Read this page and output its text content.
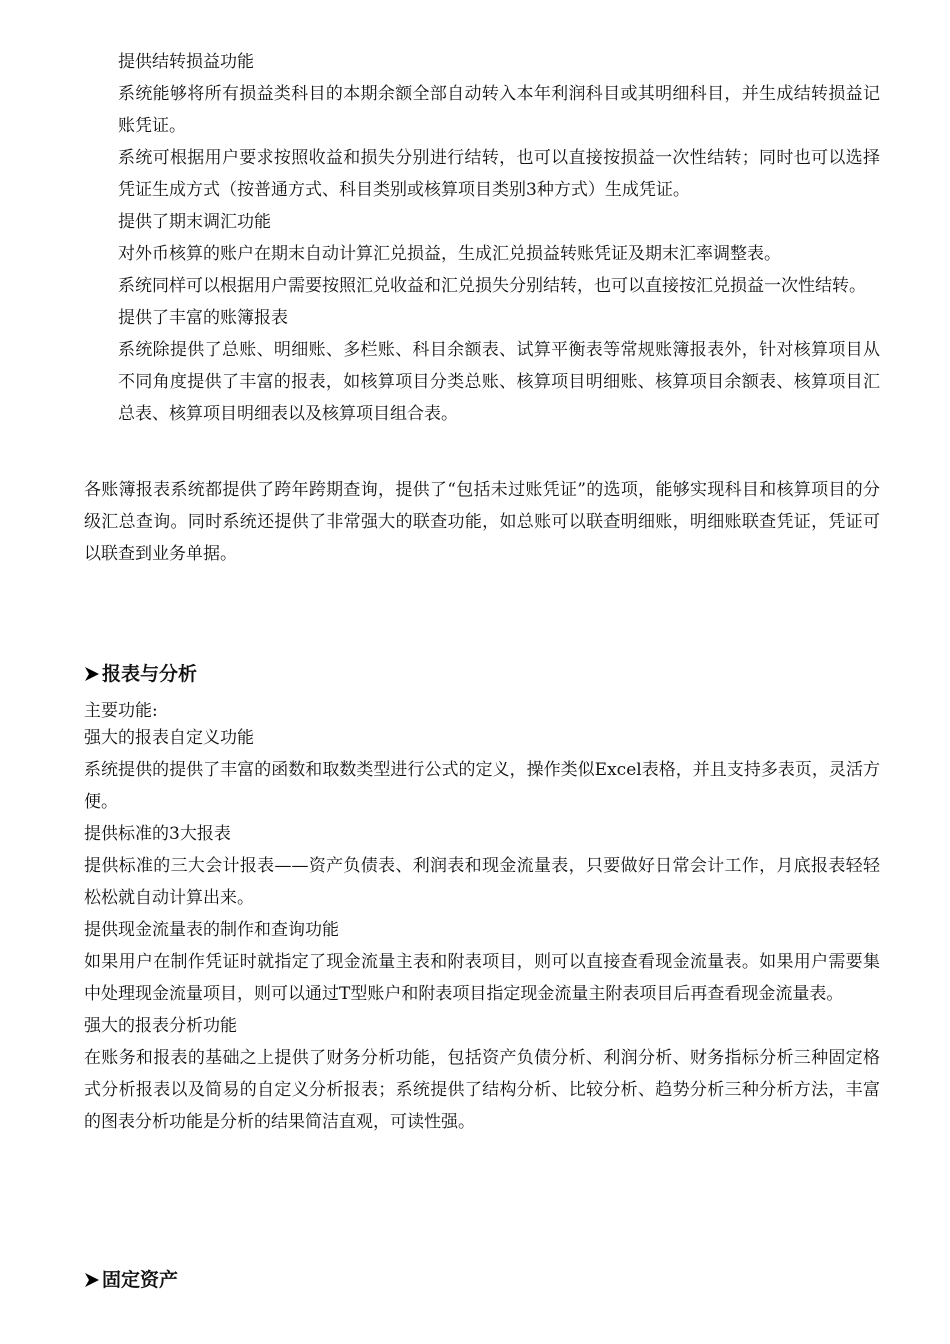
提供结转损益功能

系统能够将所有损益类科目的本期余额全部自动转入本年利润科目或其明细科目，并生成结转损益记账凭证。

系统可根据用户要求按照收益和损失分别进行结转，也可以直接按损益一次性结转；同时也可以选择凭证生成方式（按普通方式、科目类别或核算项目类别3种方式）生成凭证。

提供了期末调汇功能

对外币核算的账户在期末自动计算汇兑损益，生成汇兑损益转账凭证及期末汇率调整表。

系统同样可以根据用户需要按照汇兑收益和汇兑损失分别结转，也可以直接按汇兑损益一次性结转。

提供了丰富的账簿报表

系统除提供了总账、明细账、多栏账、科目余额表、试算平衡表等常规账簿报表外，针对核算项目从不同角度提供了丰富的报表，如核算项目分类总账、核算项目明细账、核算项目余额表、核算项目汇总表、核算项目明细表以及核算项目组合表。

各账簿报表系统都提供了跨年跨期查询，提供了“包括未过账凭证”的选项，能够实现科目和核算项目的分级汇总查询。同时系统还提供了非常强大的联查功能，如总账可以联查明细账，明细账联查凭证，凭证可以联查到业务单据。

报表与分析

主要功能:

强大的报表自定义功能

系统提供的提供了丰富的函数和取数类型进行公式的定义，操作类似Excel表格，并且支持多表页，灵活方便。

提供标准的3大报表

提供标准的三大会计报表——资产负债表、利润表和现金流量表，只要做好日常会计工作，月底报表轻轻松松就自动计算出来。

提供现金流量表的制作和查询功能

如果用户在制作凭证时就指定了现金流量主表和附表项目，则可以直接查看现金流量表。如果用户需要集中处理现金流量项目，则可以通过T型账户和附表项目指定现金流量主附表项目后再查看现金流量表。

强大的报表分析功能

在账务和报表的基础之上提供了财务分析功能，包括资产负债分析、利润分析、财务指标分析三种固定格式分析报表以及简易的自定义分析报表；系统提供了结构分析、比较分析、趋势分析三种分析方法，丰富的图表分析功能是分析的结果简洁直观，可读性强。

固定资产
